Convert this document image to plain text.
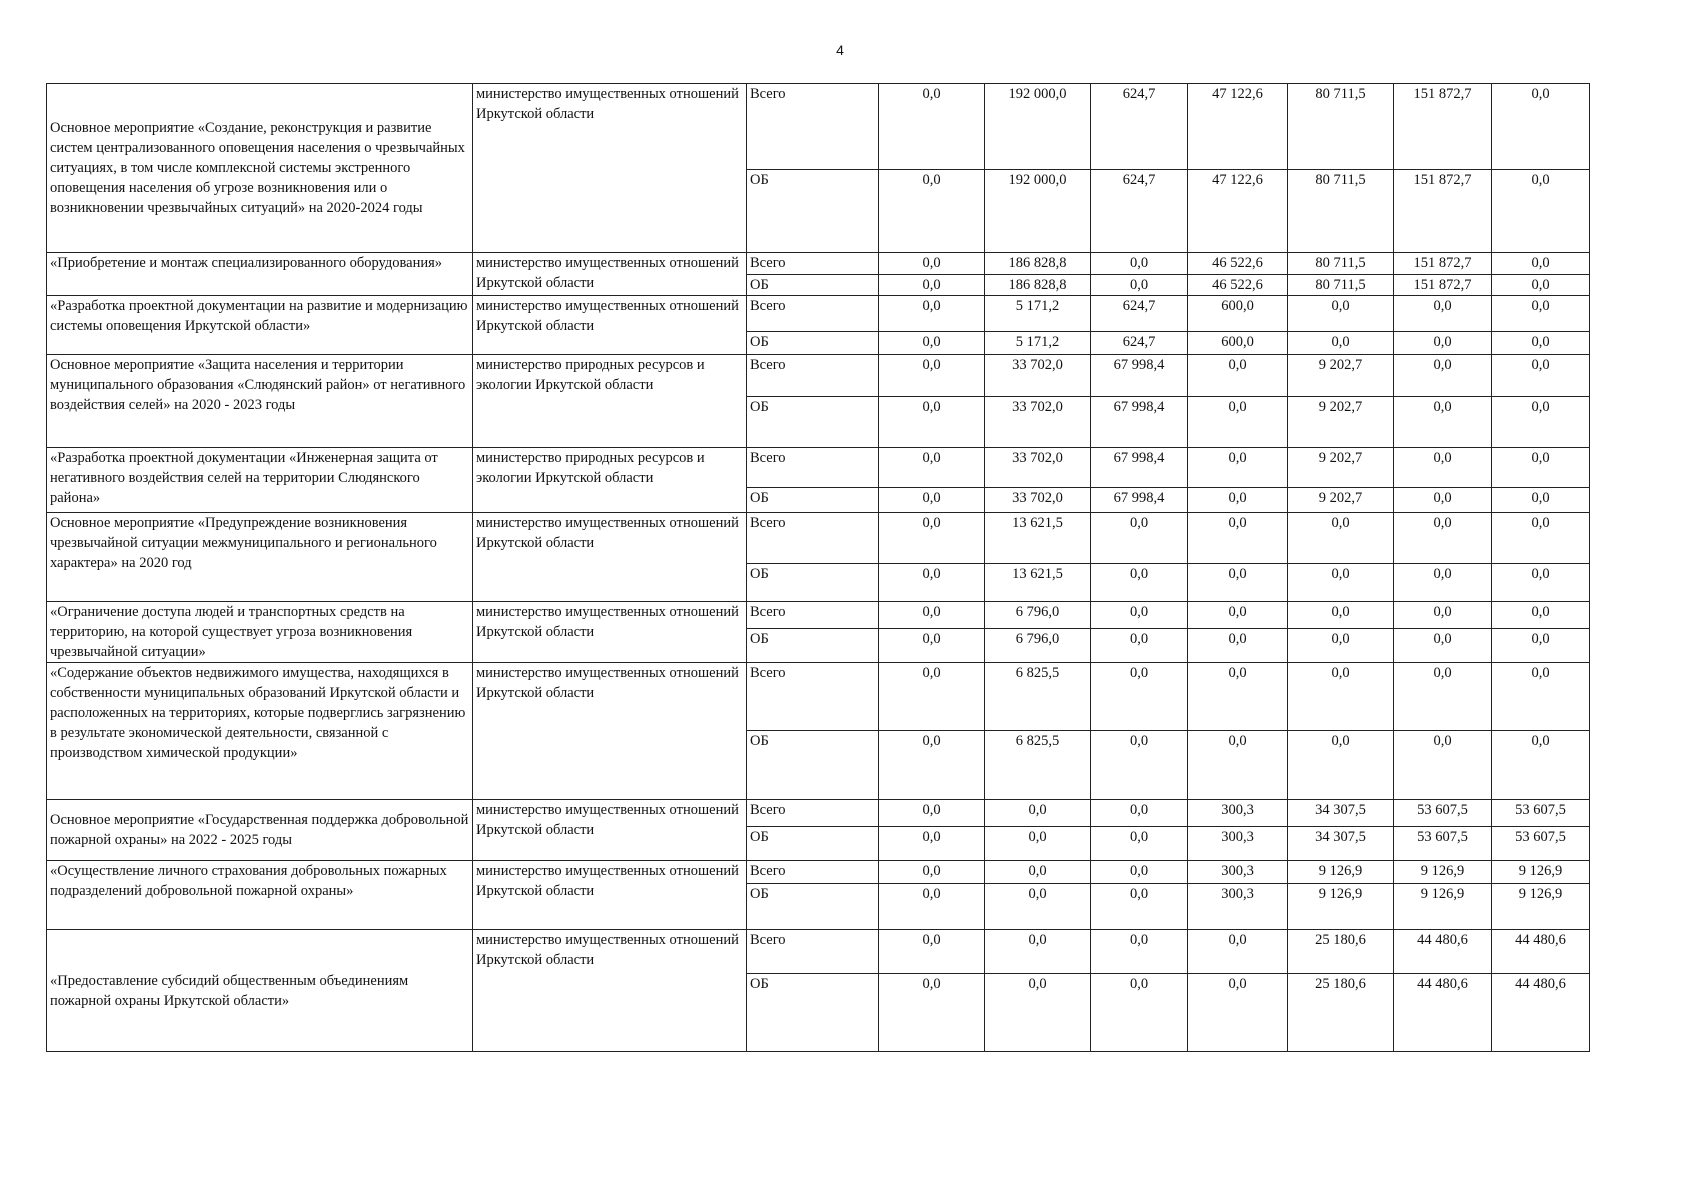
4
Основное мероприятие «Создание, реконструкция и развитие систем централизованного оповещения населения о чрезвычайных ситуациях, в том числе комплексной системы экстренного оповещения населения об угрозе возникновения или о возникновении чрезвычайных ситуаций» на 2020-2024 годы	министерство имущественных отношений Иркутской области	Всего	0,0	192 000,0	624,7	47 122,6	80 711,5	151 872,7	0,0
		ОБ	0,0	192 000,0	624,7	47 122,6	80 711,5	151 872,7	0,0
«Приобретение и монтаж специализированного оборудования»	министерство имущественных отношений Иркутской области	Всего	0,0	186 828,8	0,0	46 522,6	80 711,5	151 872,7	0,0
		ОБ	0,0	186 828,8	0,0	46 522,6	80 711,5	151 872,7	0,0
«Разработка проектной документации на развитие и модернизацию системы оповещения Иркутской области»	министерство имущественных отношений Иркутской области	Всего	0,0	5 171,2	624,7	600,0	0,0	0,0	0,0
		ОБ	0,0	5 171,2	624,7	600,0	0,0	0,0	0,0
Основное мероприятие «Защита населения и территории муниципального образования «Слюдянский район» от негативного воздействия селей» на 2020 - 2023 годы	министерство природных ресурсов и экологии Иркутской области	Всего	0,0	33 702,0	67 998,4	0,0	9 202,7	0,0	0,0
		ОБ	0,0	33 702,0	67 998,4	0,0	9 202,7	0,0	0,0
«Разработка проектной документации «Инженерная защита от негативного воздействия селей на территории Слюдянского района»	министерство природных ресурсов и экологии Иркутской области	Всего	0,0	33 702,0	67 998,4	0,0	9 202,7	0,0	0,0
		ОБ	0,0	33 702,0	67 998,4	0,0	9 202,7	0,0	0,0
Основное мероприятие «Предупреждение возникновения чрезвычайной ситуации межмуниципального и регионального характера» на 2020 год	министерство имущественных отношений Иркутской области	Всего	0,0	13 621,5	0,0	0,0	0,0	0,0	0,0
		ОБ	0,0	13 621,5	0,0	0,0	0,0	0,0	0,0
«Ограничение доступа людей и транспортных средств на территорию, на которой существует угроза возникновения чрезвычайной ситуации»	министерство имущественных отношений Иркутской области	Всего	0,0	6 796,0	0,0	0,0	0,0	0,0	0,0
		ОБ	0,0	6 796,0	0,0	0,0	0,0	0,0	0,0
«Содержание объектов недвижимого имущества, находящихся в собственности муниципальных образований Иркутской области и расположенных на территориях, которые подверглись загрязнению в результате экономической деятельности, связанной с производством химической продукции»	министерство имущественных отношений Иркутской области	Всего	0,0	6 825,5	0,0	0,0	0,0	0,0	0,0
		ОБ	0,0	6 825,5	0,0	0,0	0,0	0,0	0,0
Основное мероприятие «Государственная поддержка добровольной пожарной охраны» на 2022 - 2025 годы	министерство имущественных отношений Иркутской области	Всего	0,0	0,0	0,0	300,3	34 307,5	53 607,5	53 607,5
		ОБ	0,0	0,0	0,0	300,3	34 307,5	53 607,5	53 607,5
«Осуществление личного страхования добровольных пожарных подразделений добровольной пожарной охраны»	министерство имущественных отношений Иркутской области	Всего	0,0	0,0	0,0	300,3	9 126,9	9 126,9	9 126,9
		ОБ	0,0	0,0	0,0	300,3	9 126,9	9 126,9	9 126,9
«Предоставление субсидий общественным объединениям пожарной охраны Иркутской области»	министерство имущественных отношений Иркутской области	Всего	0,0	0,0	0,0	0,0	25 180,6	44 480,6	44 480,6
		ОБ	0,0	0,0	0,0	0,0	25 180,6	44 480,6	44 480,6
